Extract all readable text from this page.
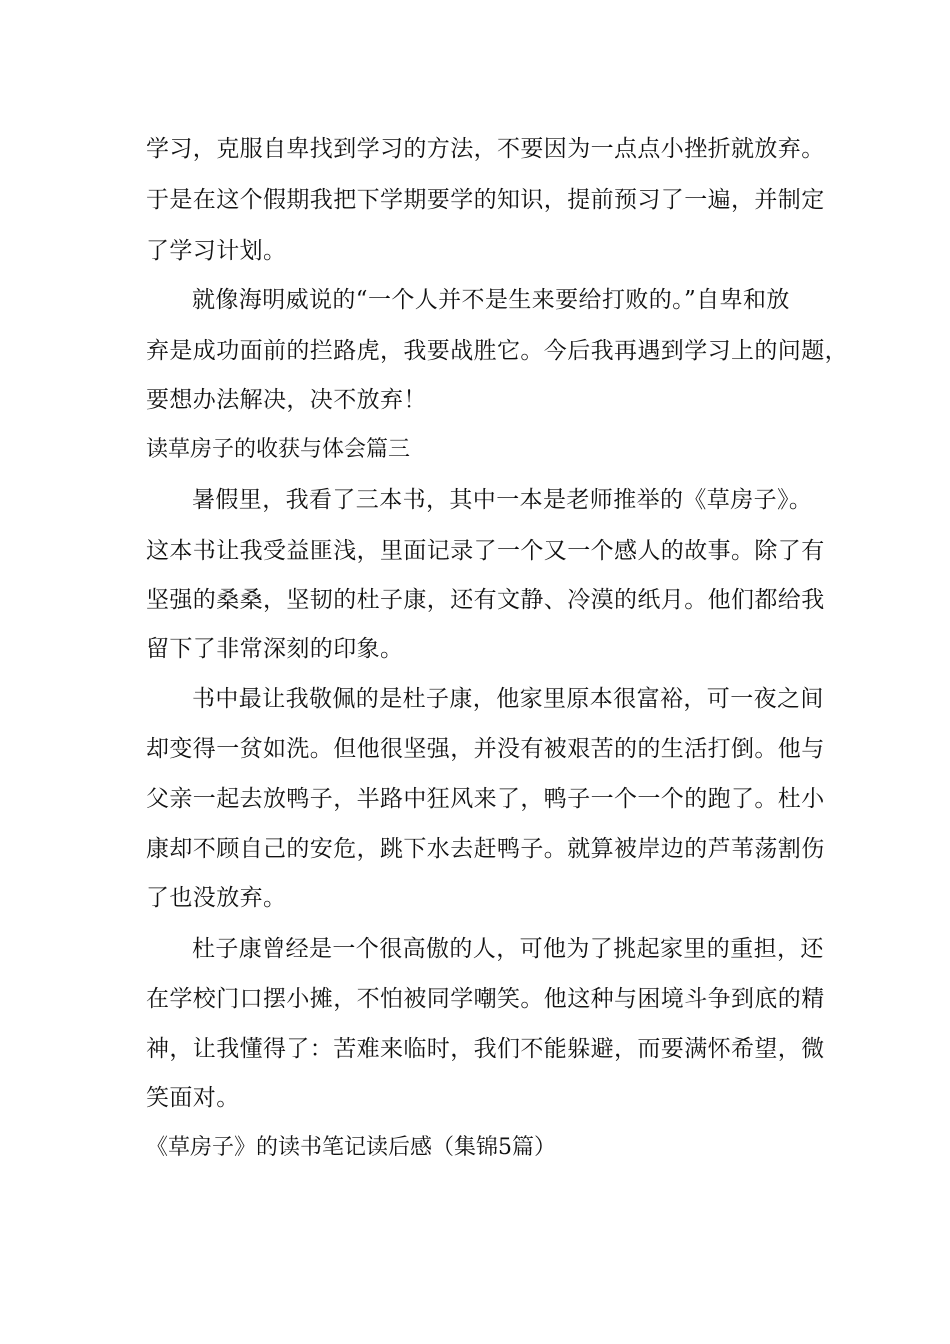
学习，克服自卑找到学习的方法，不要因为一点点小挫折就放弃。
于是在这个假期我把下学期要学的知识，提前预习了一遍，并制定
了学习计划。
就像海明威说的“一个人并不是生来要给打败的。”自卑和放
弃是成功面前的拦路虎，我要战胜它。今后我再遇到学习上的问题，
要想办法解决，决不放弃！
读草房子的收获与体会篇三
暑假里，我看了三本书，其中一本是老师推举的《草房子》。
这本书让我受益匪浅，里面记录了一个又一个感人的故事。除了有
坚强的桑桑，坚韧的杜子康，还有文静、冷漠的纸月。他们都给我
留下了非常深刻的印象。
书中最让我敬佩的是杜子康，他家里原本很富裕，可一夜之间
却变得一贫如洗。但他很坚强，并没有被艰苦的的生活打倒。他与
父亲一起去放鸭子，半路中狂风来了，鸭子一个一个的跑了。杜小
康却不顾自己的安危，跳下水去赶鸭子。就算被岸边的芦苇荡割伤
了也没放弃。
杜子康曾经是一个很高傲的人，可他为了挑起家里的重担，还
在学校门口摆小摊，不怕被同学嘲笑。他这种与困境斗争到底的精
神，让我懂得了：苦难来临时，我们不能躲避，而要满怀希望，微
笑面对。
《草房子》的读书笔记读后感（集锦5篇）
